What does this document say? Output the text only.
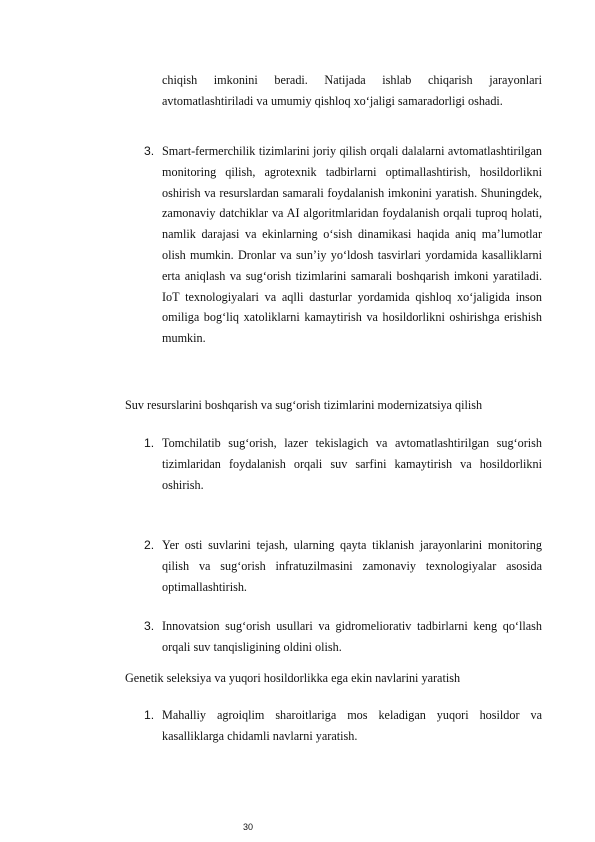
chiqish imkonini beradi. Natijada ishlab chiqarish jarayonlari avtomatlashtiriladi va umumiy qishloq xo‘jaligi samaradorligi oshadi.

3. Smart-fermerchilik tizimlarini joriy qilish orqali dalalarni avtomatlashtirilgan monitoring qilish, agrotexnik tadbirlarni optimallashtirish, hosildorlikni oshirish va resurslardan samarali foydalanish imkonini yaratish. Shuningdek, zamonaviy datchiklar va AI algoritmlaridan foydalanish orqali tuproq holati, namlik darajasi va ekinlarning o‘sish dinamikasi haqida aniq ma’lumotlar olish mumkin. Dronlar va sun’iy yo‘ldosh tasvirlari yordamida kasalliklarni erta aniqlash va sug‘orish tizimlarini samarali boshqarish imkoni yaratiladi. IoT texnologiyalari va aqlli dasturlar yordamida qishloq xo‘jaligida inson omiliga bog‘liq xatoliklarni kamaytirish va hosildorlikni oshirishga erishish mumkin.

Suv resurslarini boshqarish va sug‘orish tizimlarini modernizatsiya qilish
1. Tomchilatib sug‘orish, lazer tekislagich va avtomatlashtirilgan sug‘orish tizimlaridan foydalanish orqali suv sarfini kamaytirish va hosildorlikni oshirish.

2. Yer osti suvlarini tejash, ularning qayta tiklanish jarayonlarini monitoring qilish va sug‘orish infratuzilmasini zamonaviy texnologiyalar asosida optimallashtirish.

3. Innovatsion sug‘orish usullari va gidromeliorativ tadbirlarni keng qo‘llash orqali suv tanqisligining oldini olish.

Genetik seleksiya va yuqori hosildorlikka ega ekin navlarini yaratish
1. Mahalliy agroiqlim sharoitlariga mos keladigan yuqori hosildor va kasalliklarga chidamli navlarni yaratish.

30
